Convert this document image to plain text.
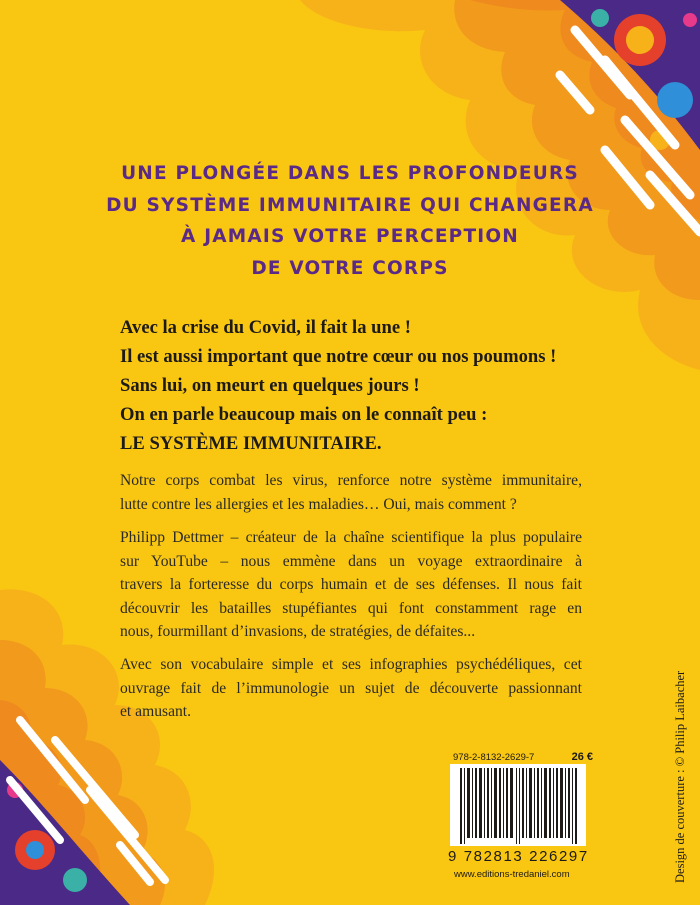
UNE PLONGÉE DANS LES PROFONDEURS
DU SYSTÈME IMMUNITAIRE QUI CHANGERA
À JAMAIS VOTRE PERCEPTION
DE VOTRE CORPS
Avec la crise du Covid, il fait la une !
Il est aussi important que notre cœur ou nos poumons !
Sans lui, on meurt en quelques jours !
On en parle beaucoup mais on le connaît peu :
LE SYSTÈME IMMUNITAIRE.
Notre corps combat les virus, renforce notre système immunitaire,
lutte contre les allergies et les maladies… Oui, mais comment ?
Philipp Dettmer – créateur de la chaîne scientifique la plus populaire
sur YouTube – nous emmène dans un voyage extraordinaire à
travers la forteresse du corps humain et de ses défenses. Il nous fait
découvrir les batailles stupéfiantes qui font constamment rage en
nous, fourmillant d’invasions, de stratégies, de défaites...
Avec son vocabulaire simple et ses infographies psychédéliques, cet
ouvrage fait de l’immunologie un sujet de découverte passionnant
et amusant.	Design de couverture : © Philip Laibacher
978-2-8132-2629-7	26 €
9 782813 226297
www.editions-tredaniel.com
